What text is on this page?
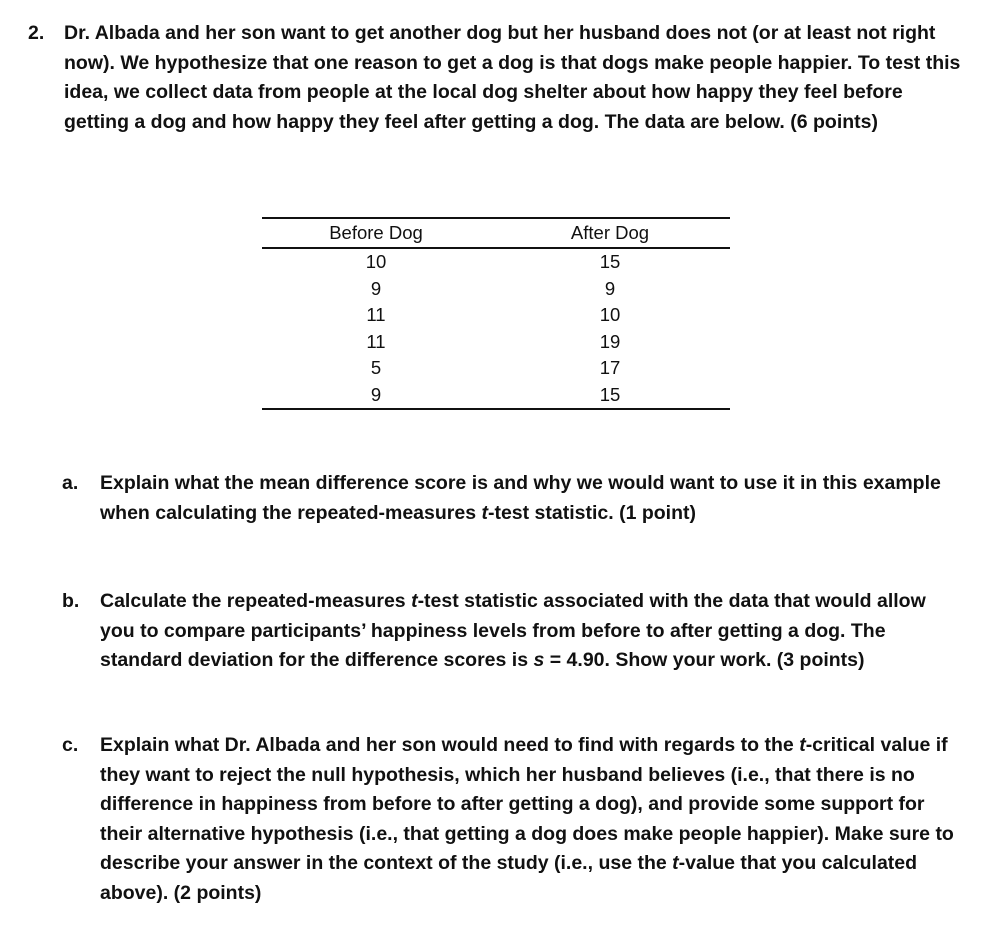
2.	Dr. Albada and her son want to get another dog but her husband does not (or at least not right now). We hypothesize that one reason to get a dog is that dogs make people happier. To test this idea, we collect data from people at the local dog shelter about how happy they feel before getting a dog and how happy they feel after getting a dog. The data are below. (6 points)
Before Dog	After Dog
10	15
9	9
11	10
11	19
5	17
9	15
a.	Explain what the mean difference score is and why we would want to use it in this example when calculating the repeated-measures t-test statistic. (1 point)
b.	Calculate the repeated-measures t-test statistic associated with the data that would allow you to compare participants’ happiness levels from before to after getting a dog. The standard deviation for the difference scores is s = 4.90. Show your work. (3 points)
c.	Explain what Dr. Albada and her son would need to find with regards to the t-critical value if they want to reject the null hypothesis, which her husband believes (i.e., that there is no difference in happiness from before to after getting a dog), and provide some support for their alternative hypothesis (i.e., that getting a dog does make people happier). Make sure to describe your answer in the context of the study (i.e., use the t-value that you calculated above). (2 points)
